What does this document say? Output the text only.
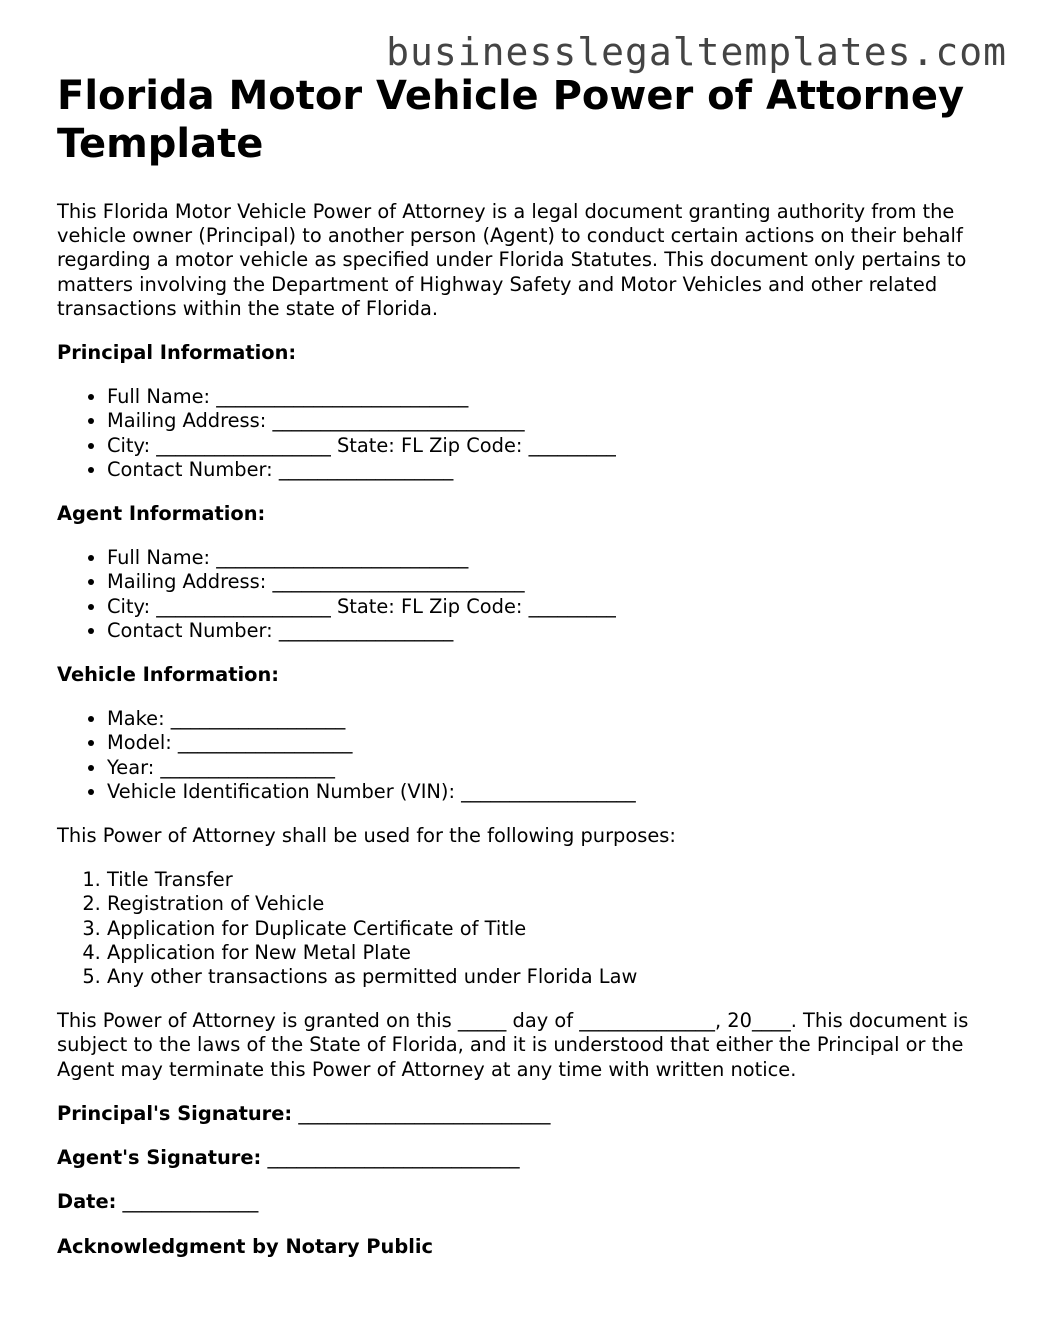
businesslegaltemplates.com
Florida Motor Vehicle Power of Attorney Template

This Florida Motor Vehicle Power of Attorney is a legal document granting authority from the vehicle owner (Principal) to another person (Agent) to conduct certain actions on their behalf regarding a motor vehicle as specified under Florida Statutes. This document only pertains to matters involving the Department of Highway Safety and Motor Vehicles and other related transactions within the state of Florida.

Principal Information:
• Full Name: __________________________
• Mailing Address: __________________________
• City: __________________ State: FL Zip Code: _________
• Contact Number: __________________
Agent Information:
• Full Name: __________________________
• Mailing Address: __________________________
• City: __________________ State: FL Zip Code: _________
• Contact Number: __________________
Vehicle Information:
• Make: __________________
• Model: __________________
• Year: __________________
• Vehicle Identification Number (VIN): __________________

This Power of Attorney shall be used for the following purposes:

1. Title Transfer
2. Registration of Vehicle
3. Application for Duplicate Certificate of Title
4. Application for New Metal Plate
5. Any other transactions as permitted under Florida Law

This Power of Attorney is granted on this _____ day of ______________, 20____. This document is subject to the laws of the State of Florida, and it is understood that either the Principal or the Agent may terminate this Power of Attorney at any time with written notice.

Principal's Signature: __________________________
Agent's Signature: __________________________
Date: ______________
Acknowledgment by Notary Public
